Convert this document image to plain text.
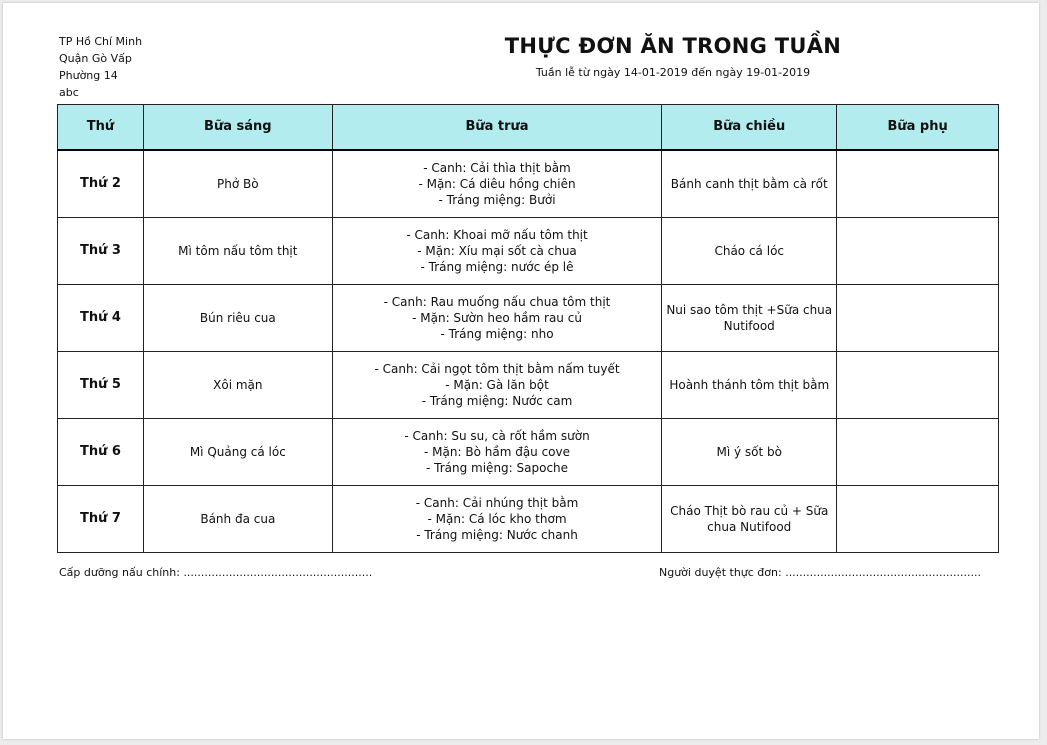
TP Hồ Chí Minh
Quận Gò Vấp
Phường 14
abc
THỰC ĐƠN ĂN TRONG TUẦN
Tuần lễ từ ngày 14-01-2019 đến ngày 19-01-2019
Thứ	Bữa sáng	Bữa trưa	Bữa chiều	Bữa phụ
Thứ 2	Phở Bò	- Canh: Cải thìa thịt bằm
- Mặn: Cá diêu hồng chiên
- Tráng miệng: Bưởi	Bánh canh thịt bằm cà rốt	
Thứ 3	Mì tôm nấu tôm thịt	- Canh: Khoai mỡ nấu tôm thịt
- Mặn: Xíu mại sốt cà chua
- Tráng miệng: nước ép lê	Cháo cá lóc	
Thứ 4	Bún riêu cua	- Canh: Rau muống nấu chua tôm thịt
- Mặn: Sườn heo hầm rau củ
- Tráng miệng: nho	Nui sao tôm thịt +Sữa chua Nutifood	
Thứ 5	Xôi mặn	- Canh: Cải ngọt tôm thịt bằm nấm tuyết
- Mặn: Gà lăn bột
- Tráng miệng: Nước cam	Hoành thánh tôm thịt bằm	
Thứ 6	Mì Quảng cá lóc	- Canh: Su su, cà rốt hầm sườn
- Mặn: Bò hầm đậu cove
- Tráng miệng: Sapoche	Mì ý sốt bò	
Thứ 7	Bánh đa cua	- Canh: Cải nhúng thịt bằm
- Mặn: Cá lóc kho thơm
- Tráng miệng: Nước chanh	Cháo Thịt bò rau củ + Sữa chua Nutifood	
Cấp dưỡng nấu chính: ......................................................	Người duyệt thực đơn: ........................................................
